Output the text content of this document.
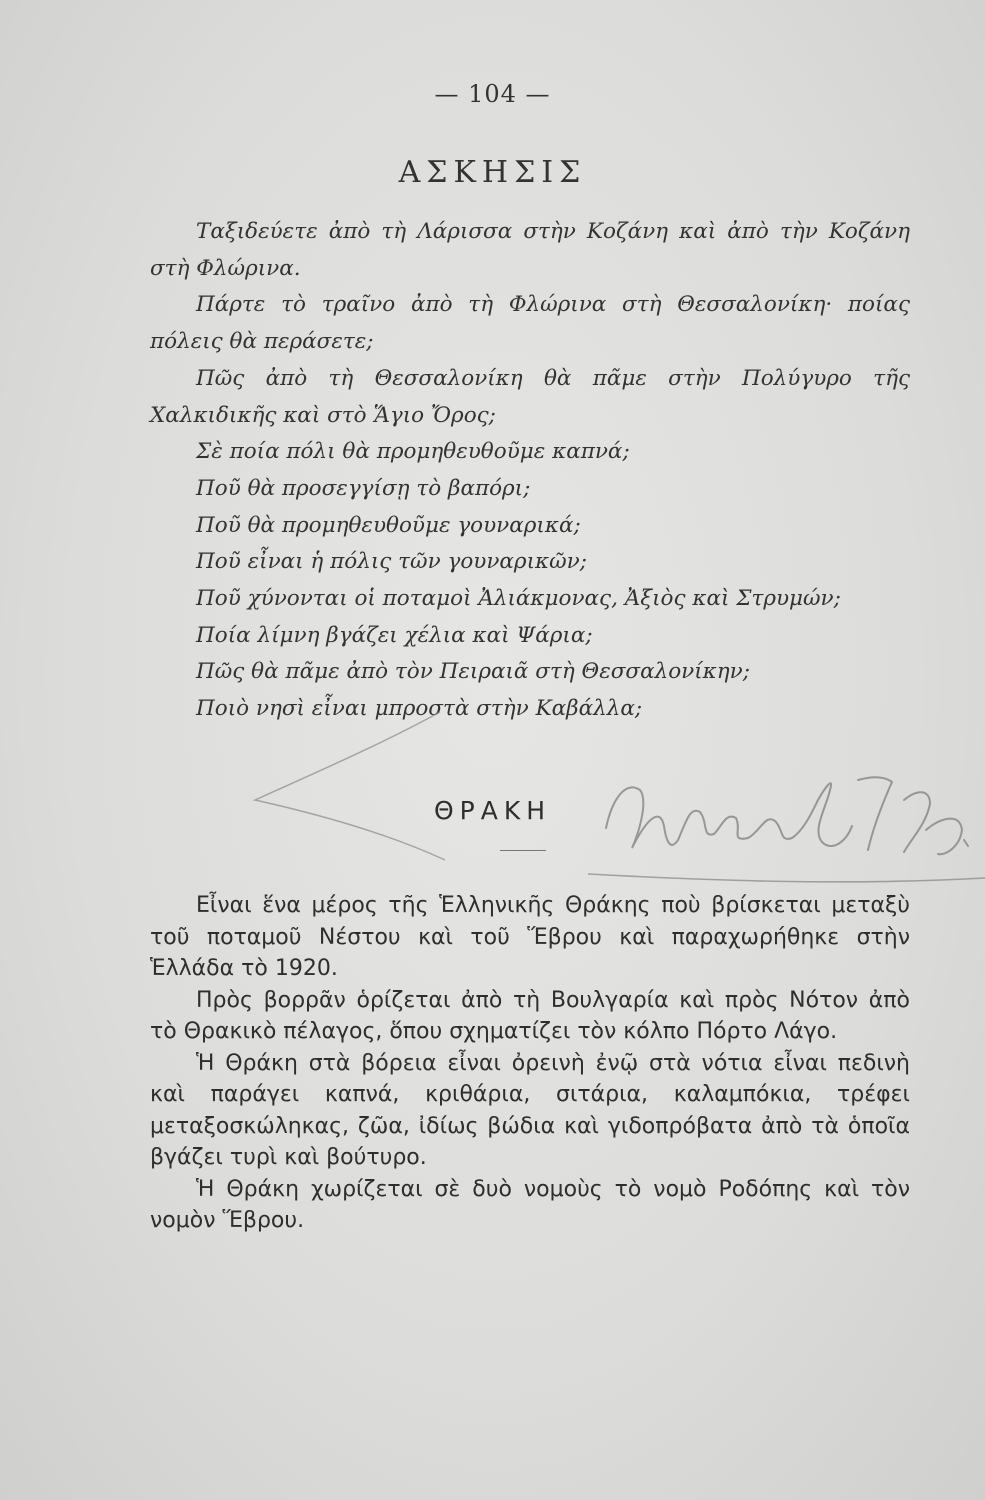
— 104 —
ΑΣΚΗΣΙΣ

Ταξιδεύετε ἀπὸ τὴ Λάρισσα στὴν Κοζάνη καὶ ἀπὸ τὴν Κοζάνη στὴ Φλώρινα.

Πάρτε τὸ τραῖνο ἀπὸ τὴ Φλώρινα στὴ Θεσσαλονίκη· ποίας πόλεις θὰ περάσετε;

Πῶς ἀπὸ τὴ Θεσσαλονίκη θὰ πᾶμε στὴν Πολύγυρο τῆς Χαλκιδικῆς καὶ στὸ Ἅγιο Ὄρος;

Σὲ ποία πόλι θὰ προμηθευθοῦμε καπνά;

Ποῦ θὰ προσεγγίσῃ τὸ βαπόρι;

Ποῦ θὰ προμηθευθοῦμε γουναρικά;

Ποῦ εἶναι ἡ πόλις τῶν γουναρικῶν;

Ποῦ χύνονται οἱ ποταμοὶ Ἀλιάκμονας, Ἀξιὸς καὶ Στρυμών;

Ποία λίμνη βγάζει χέλια καὶ Ψάρια;

Πῶς θὰ πᾶμε ἀπὸ τὸν Πειραιᾶ στὴ Θεσσαλονίκην;

Ποιὸ νησὶ εἶναι μπροστὰ στὴν Καβάλλα;

ΘΡΑΚΗ

Εἶναι ἕνα μέρος τῆς Ἑλληνικῆς Θράκης ποὺ βρίσκεται μεταξὺ τοῦ ποταμοῦ Νέστου καὶ τοῦ Ἕβρου καὶ παραχωρήθηκε στὴν Ἑλλάδα τὸ 1920.

Πρὸς βορρᾶν ὁρίζεται ἀπὸ τὴ Βουλγαρία καὶ πρὸς Νότον ἀπὸ τὸ Θρακικὸ πέλαγος, ὅπου σχηματίζει τὸν κόλπο Πόρτο Λάγο.

Ἡ Θράκη στὰ βόρεια εἶναι ὀρεινὴ ἐνῷ στὰ νότια εἶναι πεδινὴ καὶ παράγει καπνά, κριθάρια, σιτάρια, καλαμπόκια, τρέφει μεταξοσκώληκας, ζῶα, ἰδίως βώδια καὶ γιδοπρόβατα ἀπὸ τὰ ὁποῖα βγάζει τυρὶ καὶ βούτυρο.

Ἡ Θράκη χωρίζεται σὲ δυὸ νομοὺς τὸ νομὸ Ροδόπης καὶ τὸν νομὸν Ἕβρου.
